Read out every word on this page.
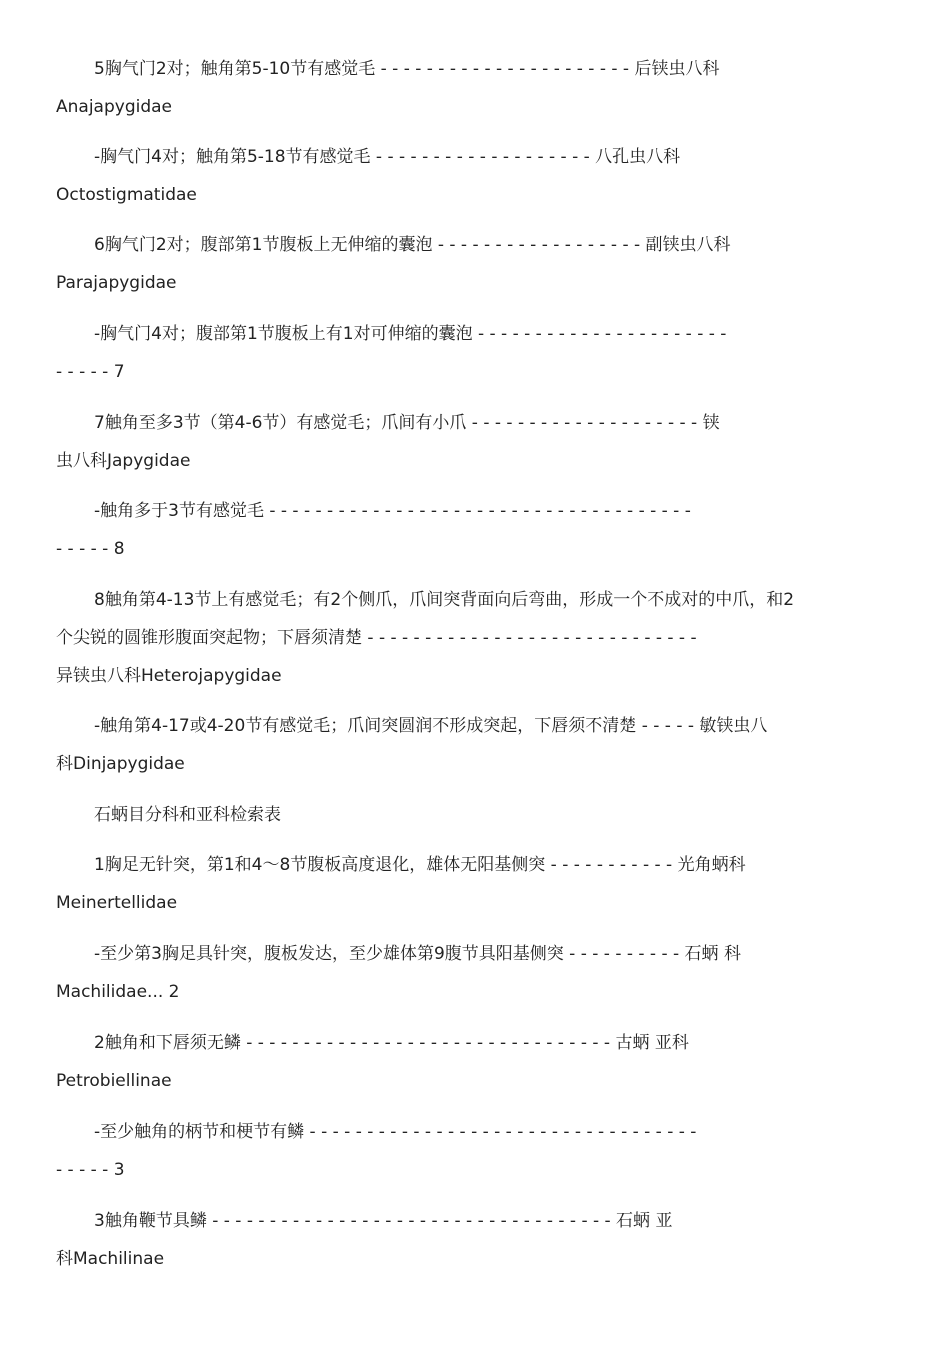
5胸气门2对；触角第5-10节有感觉毛 - - - - - - - - - - - - - - - - - - - - - - 后铗虫八科
Anajapygidae

-胸气门4对；触角第5-18节有感觉毛 - - - - - - - - - - - - - - - - - - - 八孔虫八科
Octostigmatidae

6胸气门2对；腹部第1节腹板上无伸缩的囊泡 - - - - - - - - - - - - - - - - - - 副铗虫八科
Parajapygidae

-胸气门4对；腹部第1节腹板上有1对可伸缩的囊泡 - - - - - - - - - - - - - - - - - - - - - -
- - - - - 7

7触角至多3节（第4-6节）有感觉毛；爪间有小爪 - - - - - - - - - - - - - - - - - - - - 铗
虫八科Japygidae

-触角多于3节有感觉毛 - - - - - - - - - - - - - - - - - - - - - - - - - - - - - - - - - - - - -
- - - - - 8

8触角第4-13节上有感觉毛；有2个侧爪，爪间突背面向后弯曲，形成一个不成对的中爪，和2
个尖锐的圆锥形腹面突起物；下唇须清楚 - - - - - - - - - - - - - - - - - - - - - - - - - - - - -
异铗虫八科Heterojapygidae

-触角第4-17或4-20节有感觉毛；爪间突圆润不形成突起，下唇须不清楚 - - - - - 敏铗虫八
科Dinjapygidae

石蛃目分科和亚科检索表

1胸足无针突，第1和4～8节腹板高度退化，雄体无阳基侧突 - - - - - - - - - - - 光角蛃科
Meinertellidae

-至少第3胸足具针突，腹板发达，至少雄体第9腹节具阳基侧突 - - - - - - - - - - 石蛃 科
Machilidae... 2

2触角和下唇须无鳞 - - - - - - - - - - - - - - - - - - - - - - - - - - - - - - - - 古蛃 亚科
Petrobiellinae

-至少触角的柄节和梗节有鳞 - - - - - - - - - - - - - - - - - - - - - - - - - - - - - - - - - -
- - - - - 3

3触角鞭节具鳞 - - - - - - - - - - - - - - - - - - - - - - - - - - - - - - - - - - - 石蛃 亚
科Machilinae
